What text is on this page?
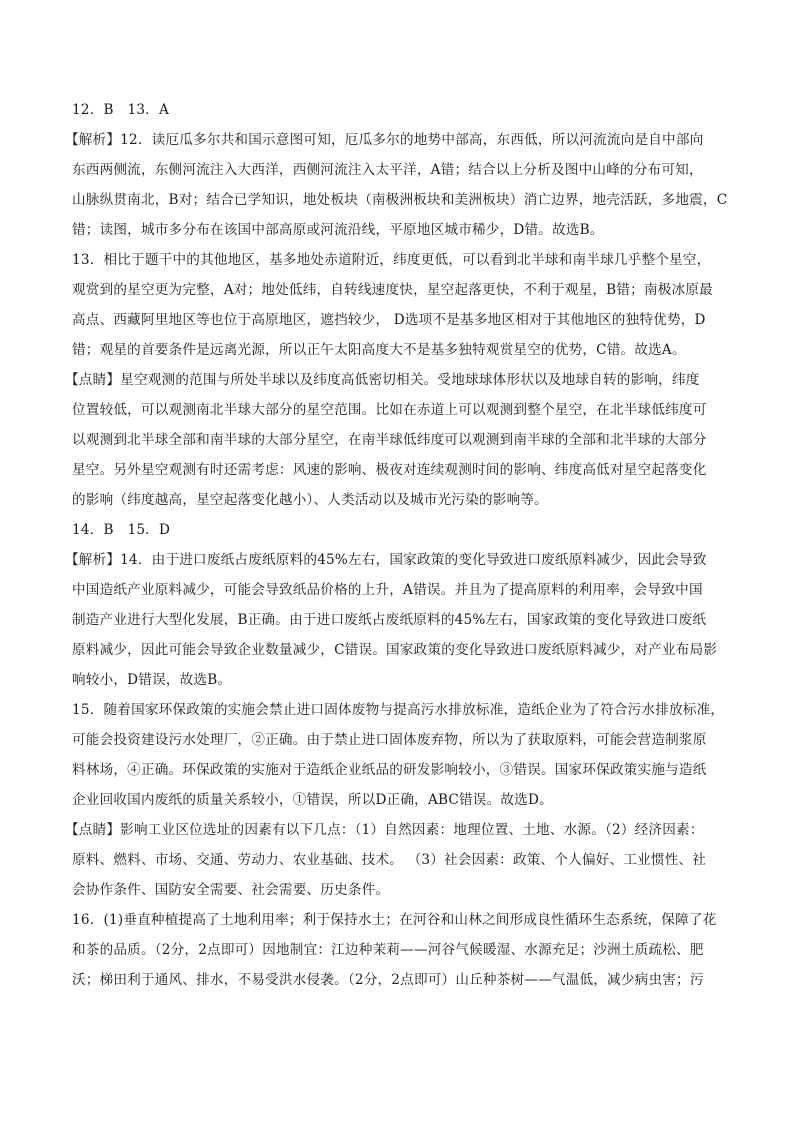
12．B　13．A
【解析】12．读厄瓜多尔共和国示意图可知，厄瓜多尔的地势中部高，东西低，所以河流流向是自中部向
东西两侧流，东侧河流注入大西洋，西侧河流注入太平洋，A错；结合以上分析及图中山峰的分布可知，
山脉纵贯南北，B对；结合已学知识，地处板块（南极洲板块和美洲板块）消亡边界，地壳活跃，多地震，C
错；读图，城市多分布在该国中部高原或河流沿线，平原地区城市稀少，D错。故选B。
13．相比于题干中的其他地区，基多地处赤道附近，纬度更低，可以看到北半球和南半球几乎整个星空，
观赏到的星空更为完整，A对；地处低纬，自转线速度快，星空起落更快，不利于观星，B错；南极冰原最
高点、西藏阿里地区等也位于高原地区，遮挡较少， D选项不是基多地区相对于其他地区的独特优势，D
错；观星的首要条件是远离光源，所以正午太阳高度大不是基多独特观赏星空的优势，C错。故选A。
【点睛】星空观测的范围与所处半球以及纬度高低密切相关。受地球球体形状以及地球自转的影响，纬度
位置较低，可以观测南北半球大部分的星空范围。比如在赤道上可以观测到整个星空，在北半球低纬度可
以观测到北半球全部和南半球的大部分星空，在南半球低纬度可以观测到南半球的全部和北半球的大部分
星空。另外星空观测有时还需考虑：风速的影响、极夜对连续观测时间的影响、纬度高低对星空起落变化
的影响（纬度越高，星空起落变化越小）、人类活动以及城市光污染的影响等。
14．B　15．D
【解析】14．由于进口废纸占废纸原料的45%左右，国家政策的变化导致进口废纸原料减少，因此会导致
中国造纸产业原料减少，可能会导致纸品价格的上升，A错误。并且为了提高原料的利用率，会导致中国
制造产业进行大型化发展，B正确。由于进口废纸占废纸原料的45%左右，国家政策的变化导致进口废纸
原料减少，因此可能会导致企业数量减少，C错误。国家政策的变化导致进口废纸原料减少，对产业布局影
响较小，D错误，故选B。
15．随着国家环保政策的实施会禁止进口固体废物与提高污水排放标准，造纸企业为了符合污水排放标准，
可能会投资建设污水处理厂，②正确。由于禁止进口固体废弃物，所以为了获取原料，可能会营造制浆原
料林场，④正确。环保政策的实施对于造纸企业纸品的研发影响较小，③错误。国家环保政策实施与造纸
企业回收国内废纸的质量关系较小，①错误，所以D正确，ABC错误。故选D。
【点睛】影响工业区位选址的因素有以下几点：（1）自然因素：地理位置、土地、水源。（2）经济因素：
原料、燃料、市场、交通、劳动力、农业基础、技术。 （3）社会因素：政策、个人偏好、工业惯性、社
会协作条件、国防安全需要、社会需要、历史条件。
16．(1)垂直种植提高了土地利用率；利于保持水土；在河谷和山林之间形成良性循环生态系统，保障了花
和茶的品质。（2分，2点即可）因地制宜：江边种茉莉——河谷气候暖湿、水源充足；沙洲土质疏松、肥
沃；梯田利于通风、排水，不易受洪水侵袭。（2分，2点即可）山丘种茶树——气温低，减少病虫害；污
